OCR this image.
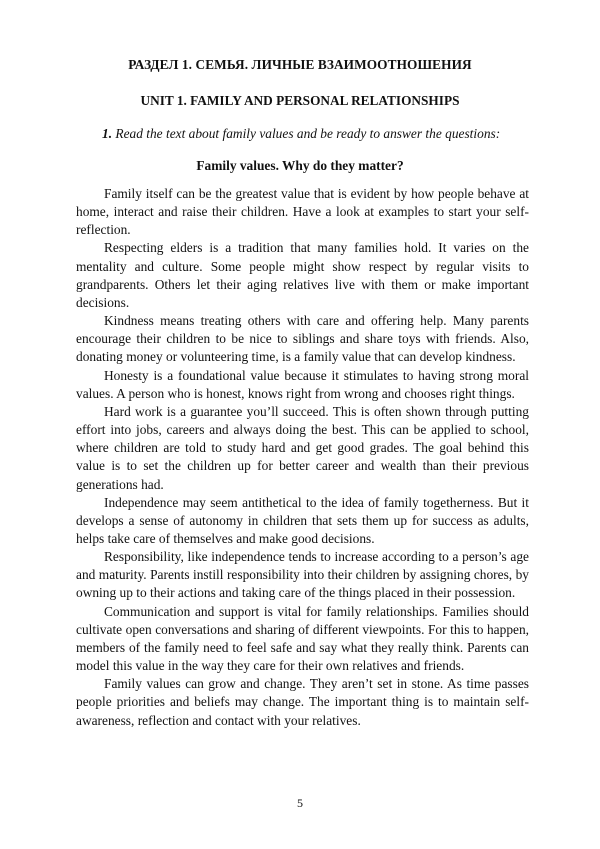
РАЗДЕЛ 1. СЕМЬЯ. ЛИЧНЫЕ ВЗАИМООТНОШЕНИЯ
UNIT 1. FAMILY AND PERSONAL RELATIONSHIPS
1. Read the text about family values and be ready to answer the questions:
Family values. Why do they matter?

Family itself can be the greatest value that is evident by how people behave at home, interact and raise their children. Have a look at examples to start your self-reflection.

Respecting elders is a tradition that many families hold. It varies on the mentality and culture. Some people might show respect by regular visits to grandparents. Others let their aging relatives live with them or make important decisions.

Kindness means treating others with care and offering help. Many parents encourage their children to be nice to siblings and share toys with friends. Also, donating money or volunteering time, is a family value that can develop kindness.

Honesty is a foundational value because it stimulates to having strong moral values. A person who is honest, knows right from wrong and chooses right things.

Hard work is a guarantee you’ll succeed. This is often shown through putting effort into jobs, careers and always doing the best. This can be applied to school, where children are told to study hard and get good grades. The goal behind this value is to set the children up for better career and wealth than their previous generations had.

Independence may seem antithetical to the idea of family togetherness. But it develops a sense of autonomy in children that sets them up for success as adults, helps take care of themselves and make good decisions.

Responsibility, like independence tends to increase according to a person’s age and maturity. Parents instill responsibility into their children by assigning chores, by owning up to their actions and taking care of the things placed in their possession.

Communication and support is vital for family relationships. Families should cultivate open conversations and sharing of different viewpoints. For this to happen, members of the family need to feel safe and say what they really think. Parents can model this value in the way they care for their own relatives and friends.

Family values can grow and change. They aren’t set in stone. As time passes people priorities and beliefs may change. The important thing is to maintain self-awareness, reflection and contact with your relatives.

5
